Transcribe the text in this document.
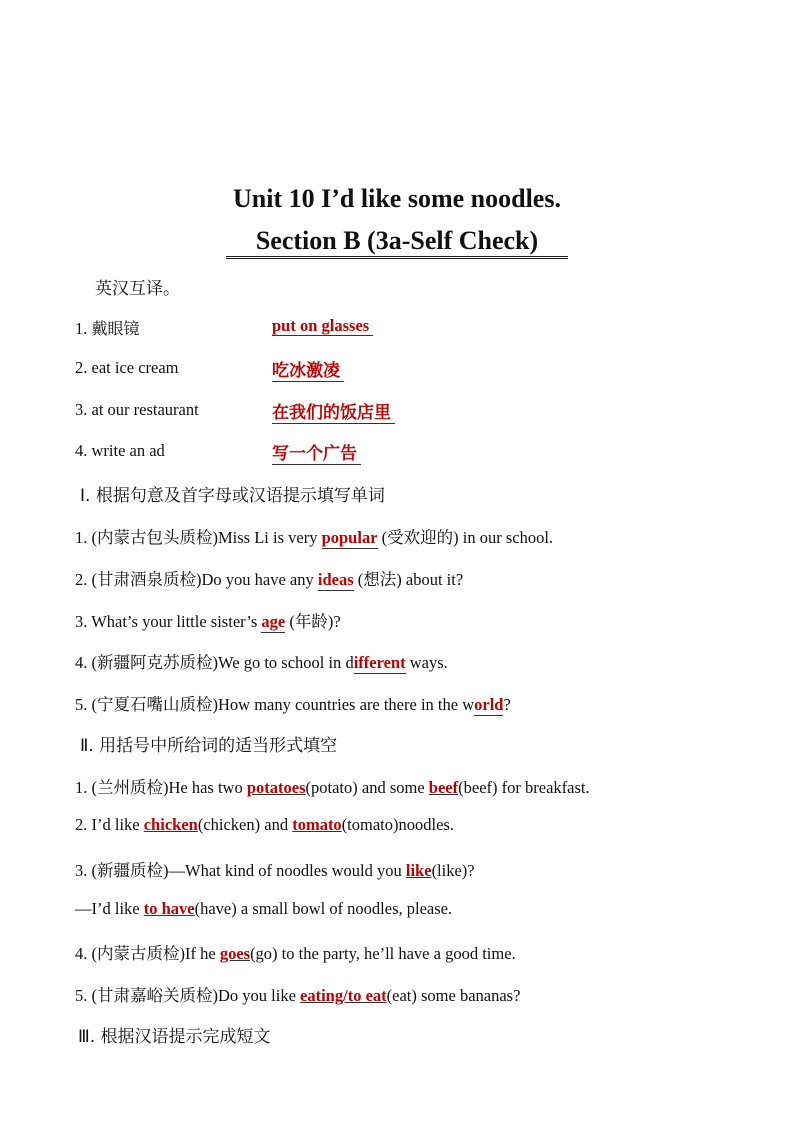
Unit 10 I’d like some noodles.
Section B (3a-Self Check)
英汉互译。
1. 戴眼镜	put on glasses
2. eat ice cream	吃冰激凌
3. at our restaurant	在我们的饭店里
4. write an ad	写一个广告
Ⅰ. 根据句意及首字母或汉语提示填写单词
1. (内蒙古包头质检)Miss Li is very popular (受欢迎的) in our school.
2. (甘肃酒泉质检)Do you have any ideas (想法) about it?
3. What’s your little sister’s age (年龄)?
4. (新疆阿克苏质检)We go to school in different ways.
5. (宁夏石嘴山质检)How many countries are there in the world?
Ⅱ. 用括号中所给词的适当形式填空
1. (兰州质检)He has two potatoes(potato) and some beef(beef) for breakfast.
2. I’d like chicken(chicken) and tomato(tomato)noodles.
3. (新疆质检)—What kind of noodles would you like(like)?
—I’d like to have(have) a small bowl of noodles, please.
4. (内蒙古质检)If he goes(go) to the party, he’ll have a good time.
5. (甘肃嘉峪关质检)Do you like eating/to eat(eat) some bananas?
Ⅲ. 根据汉语提示完成短文
